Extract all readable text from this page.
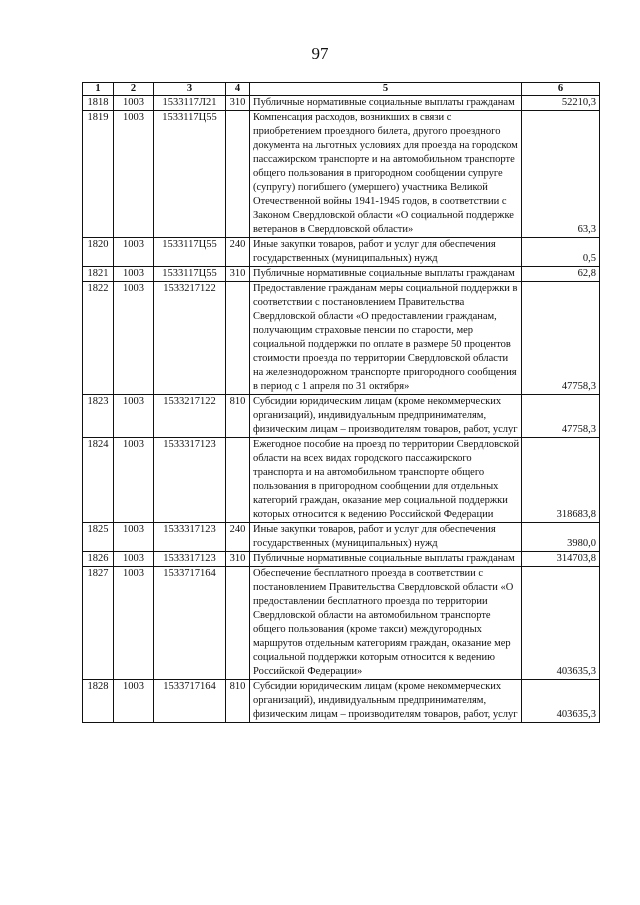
97
1	2	3	4	5	6
1818	1003	1533117Л21	310	Публичные нормативные социальные выплаты гражданам	52210,3
1819	1003	1533117Ц55		Компенсация расходов, возникших в связи с приобретением проездного билета, другого проездного документа на льготных условиях для проезда на городском пассажирском транспорте и на автомобильном транспорте общего пользования в пригородном сообщении супруге (супругу) погибшего (умершего) участника Великой Отечественной войны 1941-1945 годов, в соответствии с Законом Свердловской области «О социальной поддержке ветеранов в Свердловской области»	63,3
1820	1003	1533117Ц55	240	Иные закупки товаров, работ и услуг для обеспечения государственных (муниципальных) нужд	0,5
1821	1003	1533117Ц55	310	Публичные нормативные социальные выплаты гражданам	62,8
1822	1003	1533217122		Предоставление гражданам меры социальной поддержки в соответствии с постановлением Правительства Свердловской области «О предоставлении гражданам, получающим страховые пенсии по старости, мер социальной поддержки по оплате в размере 50 процентов стоимости проезда по территории Свердловской области на железнодорожном транспорте пригородного сообщения в период с 1 апреля по 31 октября»	47758,3
1823	1003	1533217122	810	Субсидии юридическим лицам (кроме некоммерческих организаций), индивидуальным предпринимателям, физическим лицам – производителям товаров, работ, услуг	47758,3
1824	1003	1533317123		Ежегодное пособие на проезд по территории Свердловской области на всех видах городского пассажирского транспорта и на автомобильном транспорте общего пользования в пригородном сообщении для отдельных категорий граждан, оказание мер социальной поддержки которых относится к ведению Российской Федерации	318683,8
1825	1003	1533317123	240	Иные закупки товаров, работ и услуг для обеспечения государственных (муниципальных) нужд	3980,0
1826	1003	1533317123	310	Публичные нормативные социальные выплаты гражданам	314703,8
1827	1003	1533717164		Обеспечение бесплатного проезда в соответствии с постановлением Правительства Свердловской области «О предоставлении бесплатного проезда по территории Свердловской области на автомобильном транспорте общего пользования (кроме такси) междугородных маршрутов отдельным категориям граждан, оказание мер социальной поддержки которым относится к ведению Российской Федерации»	403635,3
1828	1003	1533717164	810	Субсидии юридическим лицам (кроме некоммерческих организаций), индивидуальным предпринимателям, физическим лицам – производителям товаров, работ, услуг	403635,3
